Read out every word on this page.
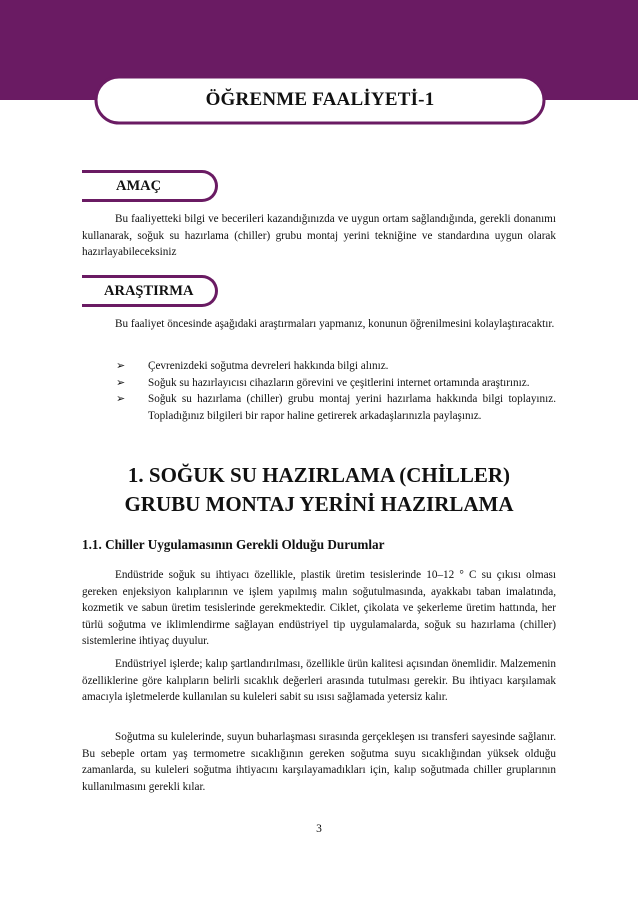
ÖĞRENME FAALİYETİ-1
AMAÇ

Bu faaliyetteki bilgi ve becerileri kazandığınızda ve uygun ortam sağlandığında, gerekli donanımı kullanarak, soğuk su hazırlama (chiller) grubu montaj yerini tekniğine ve standardına uygun olarak hazırlayabileceksiniz

ARAŞTIRMA

Bu faaliyet öncesinde aşağıdaki araştırmaları yapmanız, konunun öğrenilmesini kolaylaştıracaktır.

➢	Çevrenizdeki soğutma devreleri hakkında bilgi alınız.
➢	Soğuk su hazırlayıcısı cihazların görevini ve çeşitlerini internet ortamında araştırınız.
➢	Soğuk su hazırlama (chiller) grubu montaj yerini hazırlama hakkında bilgi toplayınız. Topladığınız bilgileri bir rapor haline getirerek arkadaşlarınızla paylaşınız.
1. SOĞUK SU HAZIRLAMA (CHİLLER)
GRUBU MONTAJ YERİNİ HAZIRLAMA

1.1. Chiller Uygulamasının Gerekli Olduğu Durumlar

Endüstride soğuk su ihtiyacı özellikle, plastik üretim tesislerinde 10–12 ° C su çıkısı olması gereken enjeksiyon kalıplarının ve işlem yapılmış malın soğutulmasında, ayakkabı taban imalatında, kozmetik ve sabun üretim tesislerinde gerekmektedir. Ciklet, çikolata ve şekerleme üretim hattında, her türlü soğutma ve iklimlendirme sağlayan endüstriyel tip uygulamalarda, soğuk su hazırlama (chiller) sistemlerine ihtiyaç duyulur.

Endüstriyel işlerde; kalıp şartlandırılması, özellikle ürün kalitesi açısından önemlidir. Malzemenin özelliklerine göre kalıpların belirli sıcaklık değerleri arasında tutulması gerekir. Bu ihtiyacı karşılamak amacıyla işletmelerde kullanılan su kuleleri sabit su ısısı sağlamada yetersiz kalır.

Soğutma su kulelerinde, suyun buharlaşması sırasında gerçekleşen ısı transferi sayesinde sağlanır. Bu sebeple ortam yaş termometre sıcaklığının gereken soğutma suyu sıcaklığından yüksek olduğu zamanlarda, su kuleleri soğutma ihtiyacını karşılayamadıkları için, kalıp soğutmada chiller gruplarının kullanılmasını gerekli kılar.

3
